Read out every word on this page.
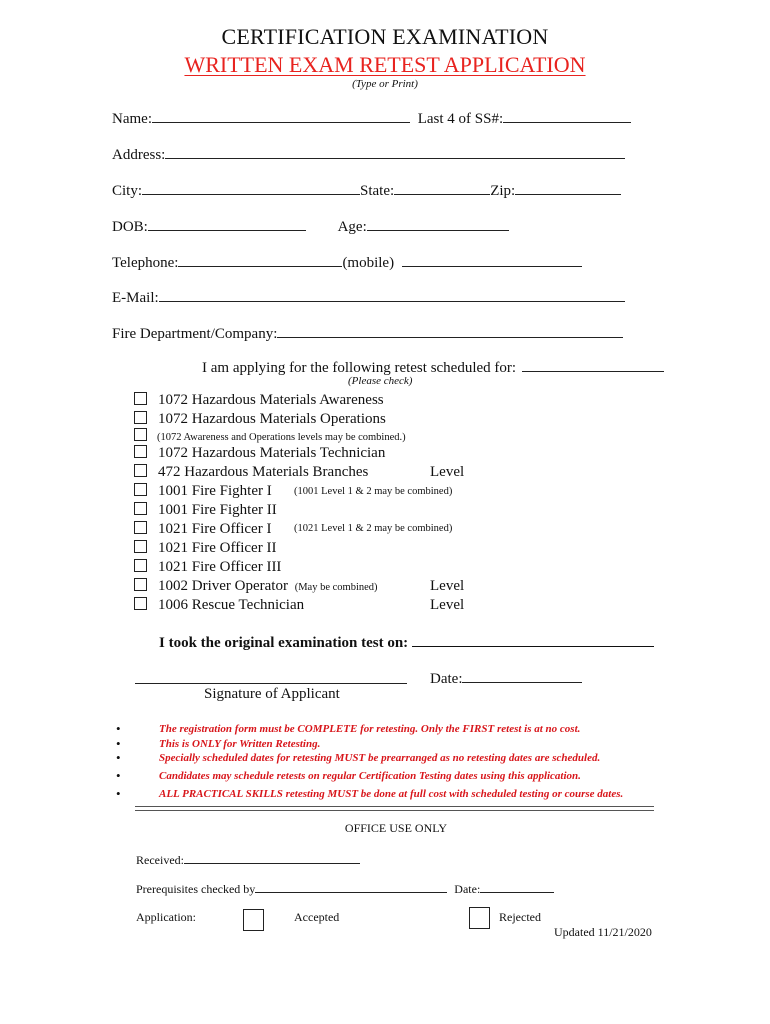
CERTIFICATION EXAMINATION
WRITTEN EXAM RETEST APPLICATION
(Type or Print)
Name:	Last 4 of SS#:
Address:
City:	State:	Zip:
DOB:	Age:
Telephone:	(mobile)
E-Mail:
Fire Department/Company:
I am applying for the following retest scheduled for:
(Please check)
1072 Hazardous Materials Awareness
1072 Hazardous Materials Operations
(1072 Awareness and Operations levels may be combined.)
1072 Hazardous Materials Technician
472 Hazardous Materials Branches	Level
1001 Fire Fighter I (1001 Level 1 & 2 may be combined)
1001 Fire Fighter II
1021 Fire Officer I (1021 Level 1 & 2 may be combined)
1021 Fire Officer II
1021 Fire Officer III
1002 Driver Operator (May be combined)	Level
1006 Rescue Technician	Level
I took the original examination test on:
Date:
Signature of Applicant
•
•
•
•
•
The registration form must be COMPLETE for retesting. Only the FIRST retest is at no cost.
This is ONLY for Written Retesting.
Specially scheduled dates for retesting MUST be prearranged as no retesting dates are scheduled.
Candidates may schedule retests on regular Certification Testing dates using this application.
ALL PRACTICAL SKILLS retesting MUST be done at full cost with scheduled testing or course dates.
OFFICE USE ONLY
Received:
Prerequisites checked by	Date:
Application:	Accepted	Rejected
Updated 11/21/2020
